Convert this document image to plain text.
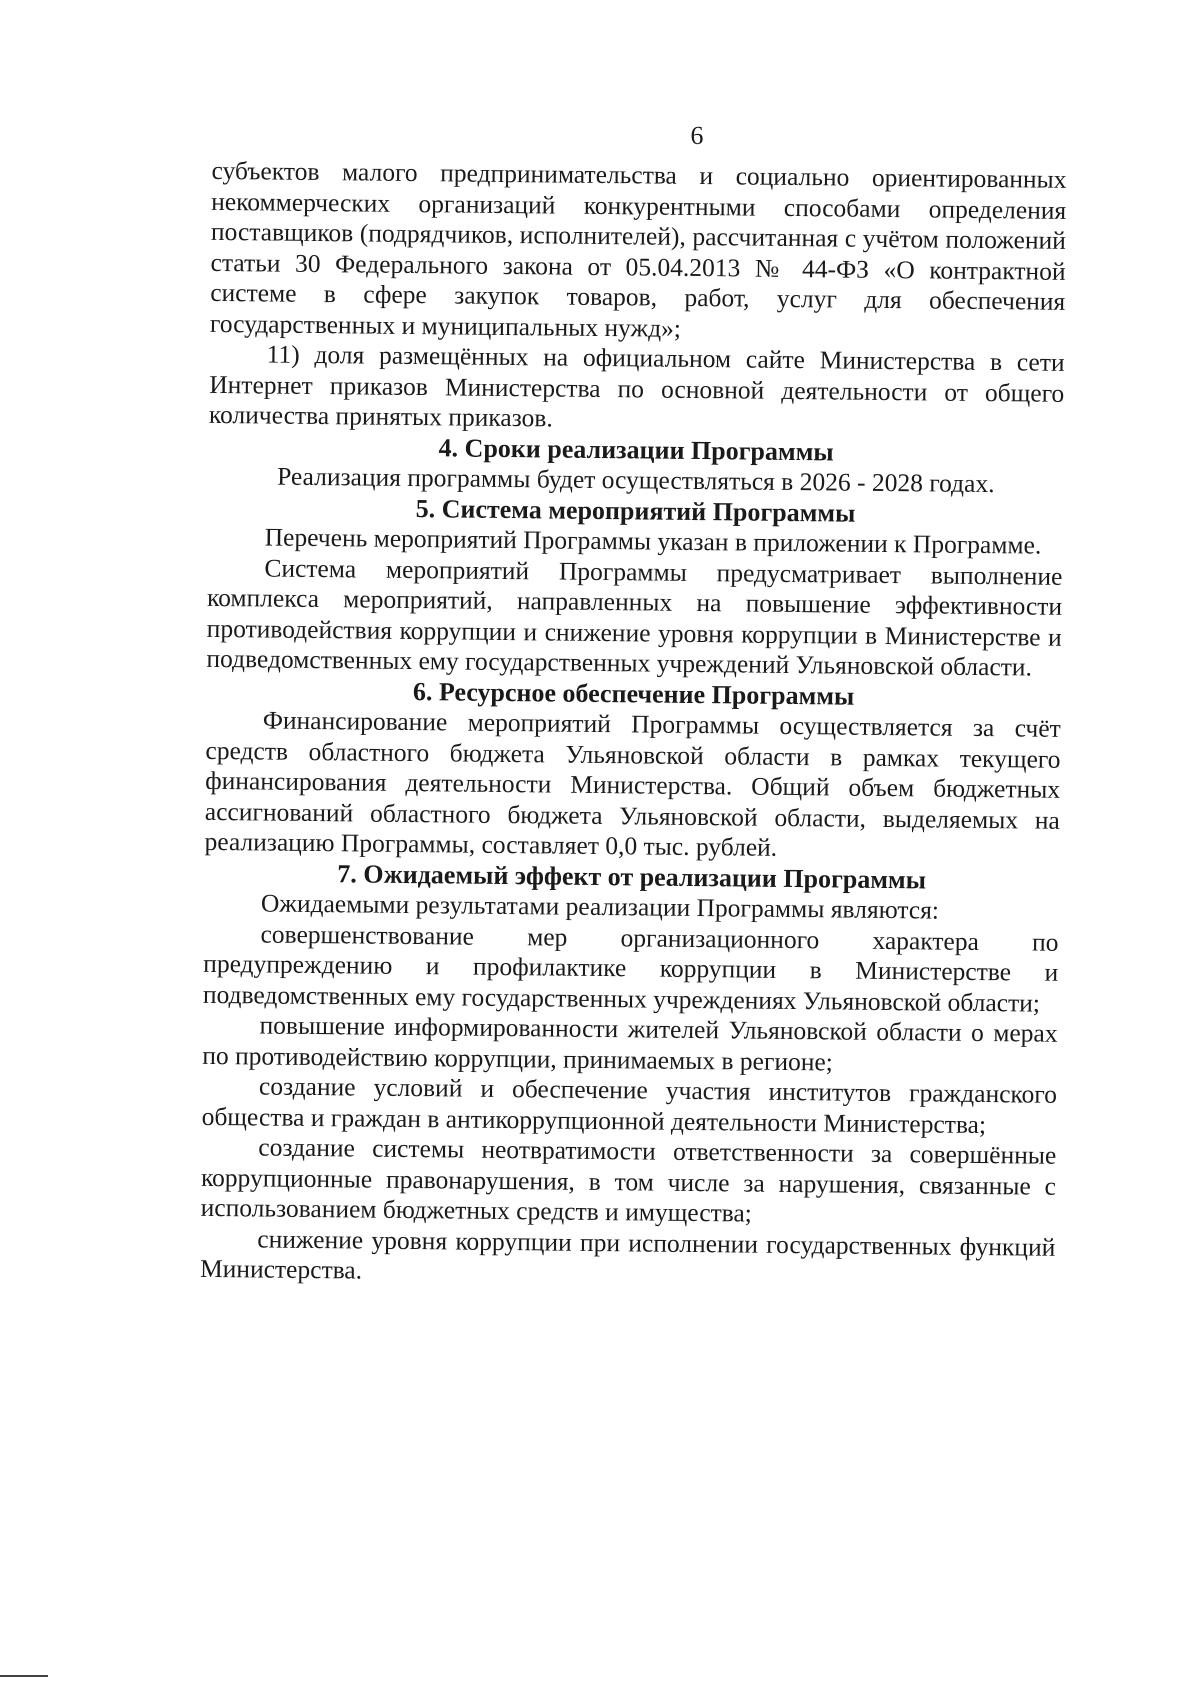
6

субъектов малого предпринимательства и социально ориентированных некоммерческих организаций конкурентными способами определения поставщиков (подрядчиков, исполнителей), рассчитанная с учётом положений статьи 30 Федерального закона от 05.04.2013 № 44-ФЗ «О контрактной системе в сфере закупок товаров, работ, услуг для обеспечения государственных и муниципальных нужд»;

11) доля размещённых на официальном сайте Министерства в сети Интернет приказов Министерства по основной деятельности от общего количества принятых приказов.

4. Сроки реализации Программы

Реализация программы будет осуществляться в 2026 - 2028 годах.

5. Система мероприятий Программы

Перечень мероприятий Программы указан в приложении к Программе.

Система мероприятий Программы предусматривает выполнение комплекса мероприятий, направленных на повышение эффективности противодействия коррупции и снижение уровня коррупции в Министерстве и подведомственных ему государственных учреждений Ульяновской области.

6. Ресурсное обеспечение Программы

Финансирование мероприятий Программы осуществляется за счёт средств областного бюджета Ульяновской области в рамках текущего финансирования деятельности Министерства. Общий объем бюджетных ассигнований областного бюджета Ульяновской области, выделяемых на реализацию Программы, составляет 0,0 тыс. рублей.

7. Ожидаемый эффект от реализации Программы

Ожидаемыми результатами реализации Программы являются:

совершенствование мер организационного характера по предупреждению и профилактике коррупции в Министерстве и подведомственных ему государственных учреждениях Ульяновской области;

повышение информированности жителей Ульяновской области о мерах по противодействию коррупции, принимаемых в регионе;

создание условий и обеспечение участия институтов гражданского общества и граждан в антикоррупционной деятельности Министерства;

создание системы неотвратимости ответственности за совершённые коррупционные правонарушения, в том числе за нарушения, связанные с использованием бюджетных средств и имущества;

снижение уровня коррупции при исполнении государственных функций Министерства.
